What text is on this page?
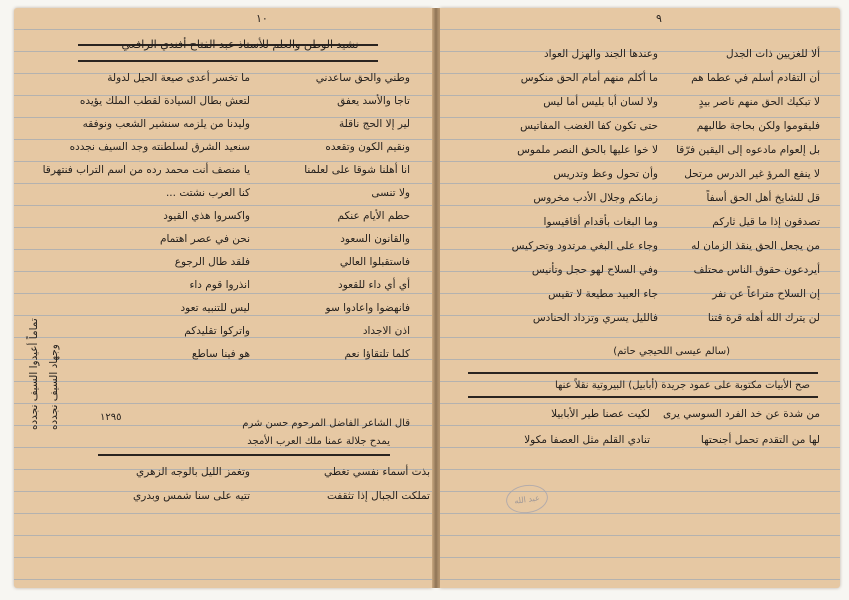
١٠	٩
نشيد الوطن والعلم للأستاذ عبد الفتاح أفندي الرافعي
وطني والحق ساعدني
ما تخسر أعدى صيعة الحيل لدولة
تاجا والأسد يعفق
لتعش بطال السيادة لقطب الملك يؤيده
لير إلا الحج ناقلة
وليدنا من يلزمه سنشير الشعب ونوفقه
ونقيم الكون وتقعده
سنعيد الشرق لسلطنته وجد السيف نجدده
انا أهلنا شوقا على لعلمنا
يا منصف أنت محمد رده من اسم التراب فنتهرقا
ولا تنسى
كنا العرب نشتت ...
حطم الأيام عنكم
واكسروا هذي القيود
والقانون السعود
نحن في عصر اهتمام
فاستقبلوا العالي
فلقد طال الرجوع
أي أي داء للقعود
انذروا قوم داء
فانهضوا واعادوا سو
ليس للتنبيه تعود
اذن الاجداد
واتركوا تقليدكم
كلما تلتقاؤا نعم
هو فينا ساطع
تماماً أعيدوا السيف نجدده وجهاد السيف نجدده	١٢٩٥
قال الشاعر الفاضل المرحوم حسن شرم
يمدح جلالة عمنا ملك العرب الأمجد
بذت أسماء نفسي تغطي
وتغمز الليل بالوجه الزهري
تملكت الجبال إذا تثقفت
تتيه على سنا شمس وبدري
ألا للغزيين ذات الجدل
وعندها الجند والهزل العواد
أن التقادم أسلم في عطما هم
ما أكلم منهم أمام الحق منكوس
لا تبكيك الحق منهم ناصر بيدٍ
ولا لسان أبا بليس أما ليس
فليقوموا ولكن بحاجة طالبهم
حتى تكون كفا الغضب المفاتيس
بل إلعوام مادعوه إلى اليقين فرّقا
لا خوا عليها بالحق النصر ملموس
لا ينفع المرؤ غير الدرس مرتحل
وأن تحول وعظ وتدريس
قل للشايخ أهل الحق أسفاً
زمانكم وجلال الأدب مخروس
تصدقون إذا ما قيل ثاركم
وما البغات بأقدام أقاقيسوا
من يجعل الحق ينقذ الزمان له
وجاء على البغي مرتدود وتحركيس
أيردعون حقوق الناس محتلف
وفي السلاح لهو حجل وتأنيس
إن السلاح متراعاً عن نفر
جاء العبيد مطيعة لا تقيس
لن يترك الله أهله قرة قتنا
فالليل يسري وتزداد الحنادس
(سالم عيسى اللحيجي حاتم)
صح الأبيات مكتوبة على عمود جريدة (أبابيل) البيروتية نقلاً عنها
من شدة عن خد الفرد السوسي يرى
لكيت عصنا طير الأبابيلا
لها من التقدم تحمل أجنحتها
تنادي القلم مثل العصفا مكولا
عبد الله
